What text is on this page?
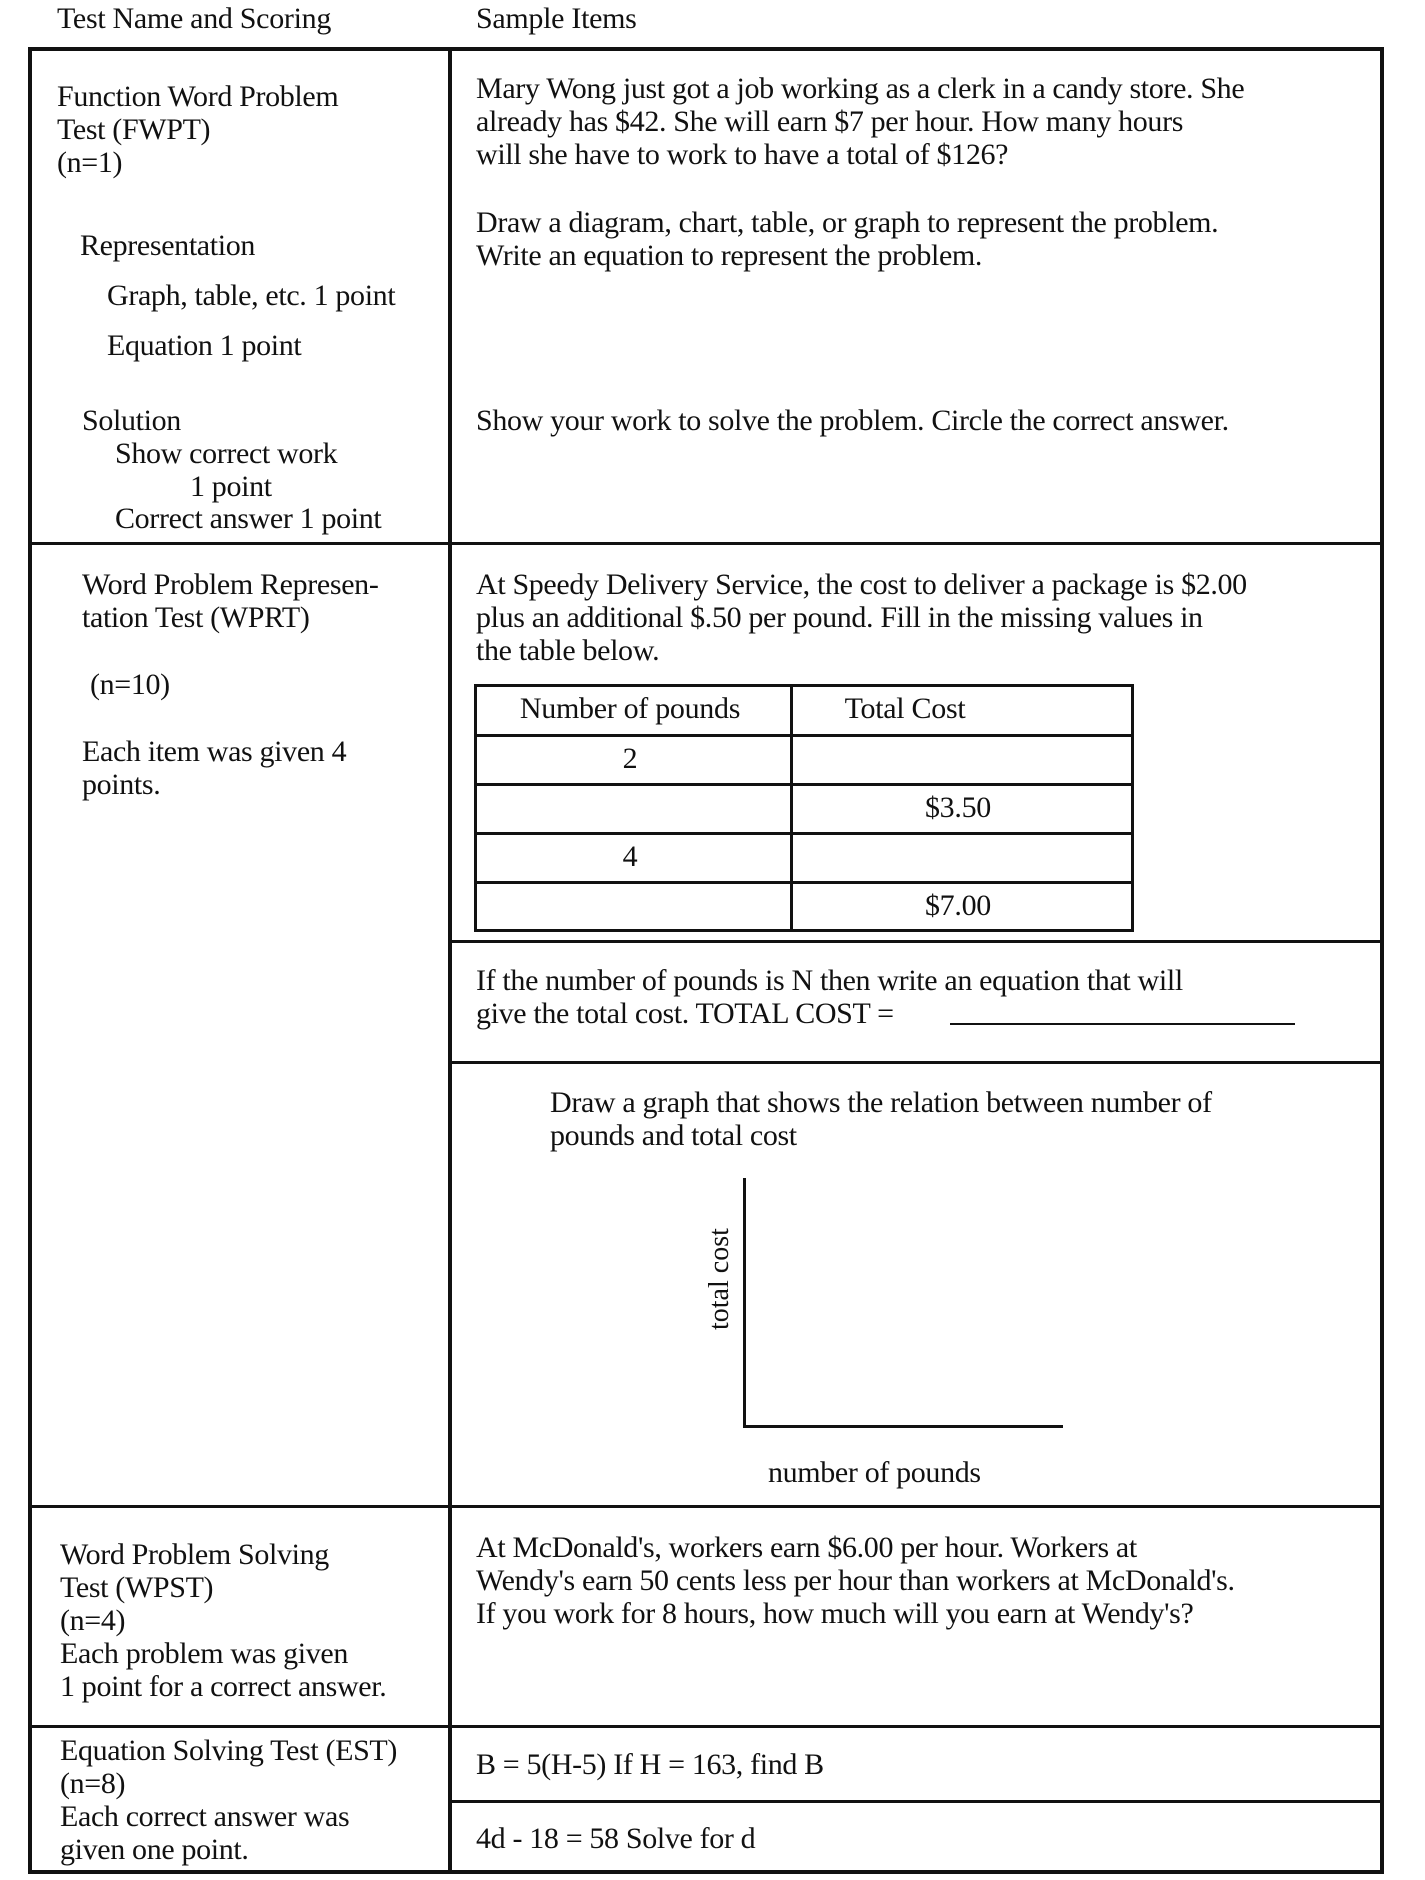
Test Name and Scoring	Sample Items
Function Word Problem
Test (FWPT)
(n=1)
Representation
Graph, table, etc. 1 point
Equation 1 point
Solution
Show correct work
1 point
Correct answer 1 point
Mary Wong just got a job working as a clerk in a candy store. She
already has $42. She will earn $7 per hour. How many hours
will she have to work to have a total of $126?
Draw a diagram, chart, table, or graph to represent the problem.
Write an equation to represent the problem.
Show your work to solve the problem. Circle the correct answer.
Word Problem Represen-
tation Test (WPRT)
(n=10)
Each item was given 4
points.
At Speedy Delivery Service, the cost to deliver a package is $2.00
plus an additional $.50 per pound. Fill in the missing values in
the table below.
Number of pounds	Total Cost
2
$3.50
4
$7.00
If the number of pounds is N then write an equation that will
give the total cost. TOTAL COST =
Draw a graph that shows the relation between number of
pounds and total cost
total cost
number of pounds
Word Problem Solving
Test (WPST)
(n=4)
Each problem was given
1 point for a correct answer.
At McDonald's, workers earn $6.00 per hour. Workers at
Wendy's earn 50 cents less per hour than workers at McDonald's.
If you work for 8 hours, how much will you earn at Wendy's?
Equation Solving Test (EST)
(n=8)
Each correct answer was
given one point.
B = 5(H-5) If H = 163, find B
4d - 18 = 58 Solve for d
